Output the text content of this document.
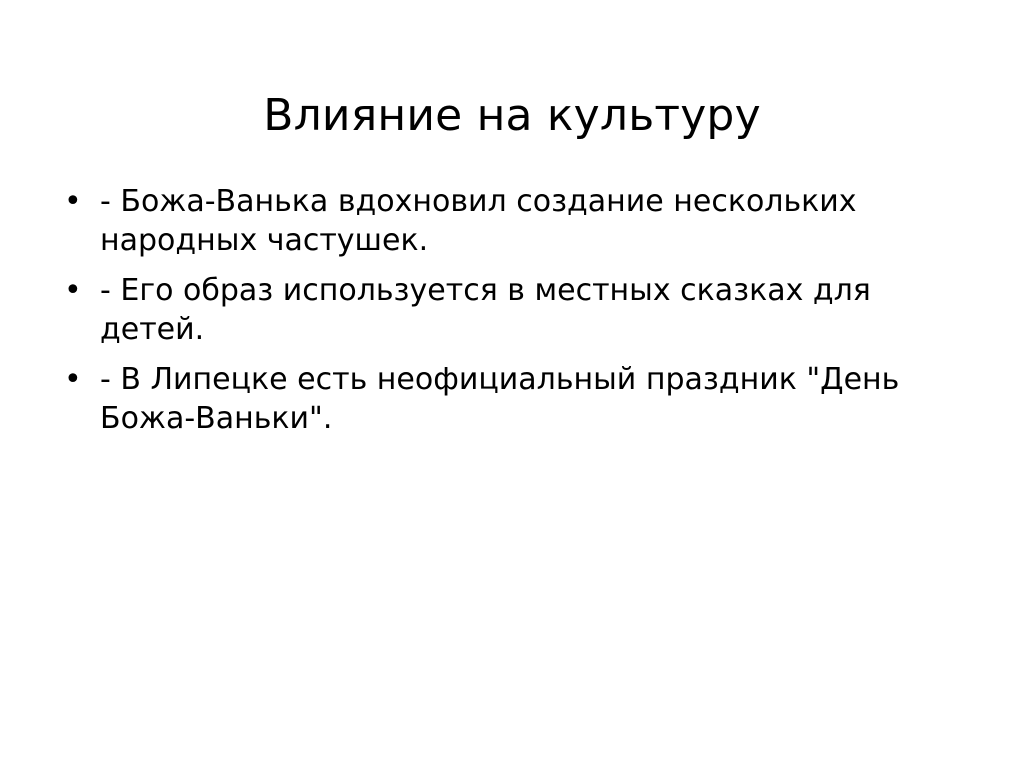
Влияние на культуру
• - Божа-Ванька вдохновил создание нескольких народных частушек.
• - Его образ используется в местных сказках для детей.
• - В Липецке есть неофициальный праздник "День Божа-Ваньки".
